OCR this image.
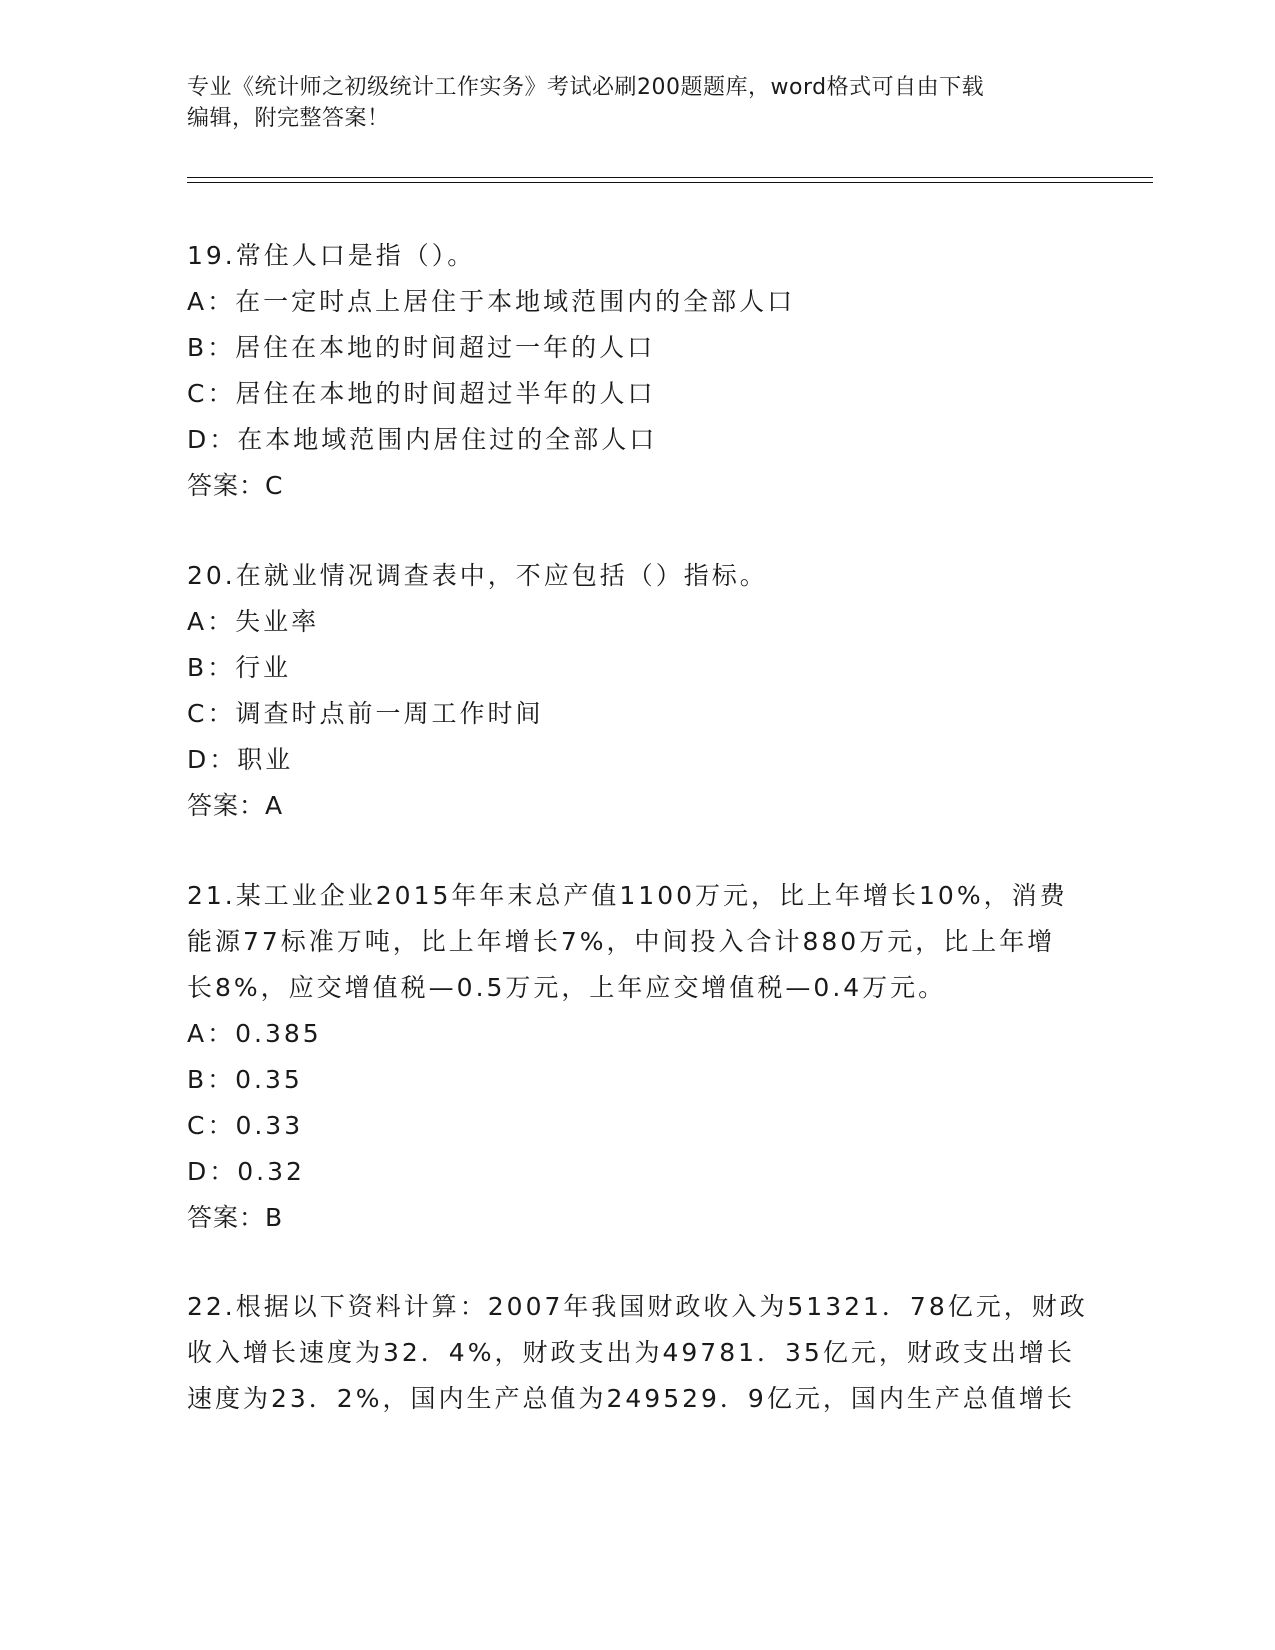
专业《统计师之初级统计工作实务》考试必刷200题题库，word格式可自由下载
编辑，附完整答案！
19.常住人口是指（）。
A：在一定时点上居住于本地域范围内的全部人口
B：居住在本地的时间超过一年的人口
C：居住在本地的时间超过半年的人口
D：在本地域范围内居住过的全部人口
答案：C
20.在就业情况调查表中，不应包括（）指标。
A：失业率
B：行业
C：调查时点前一周工作时间
D：职业
答案：A
21.某工业企业2015年年末总产值1100万元，比上年增长10%，消费
能源77标准万吨，比上年增长7%，中间投入合计880万元，比上年增
长8%，应交增值税—0.5万元，上年应交增值税—0.4万元。
A：0.385
B：0.35
C：0.33
D：0.32
答案：B
22.根据以下资料计算：2007年我国财政收入为51321．78亿元，财政
收入增长速度为32．4%，财政支出为49781．35亿元，财政支出增长
速度为23．2%，国内生产总值为249529．9亿元，国内生产总值增长
